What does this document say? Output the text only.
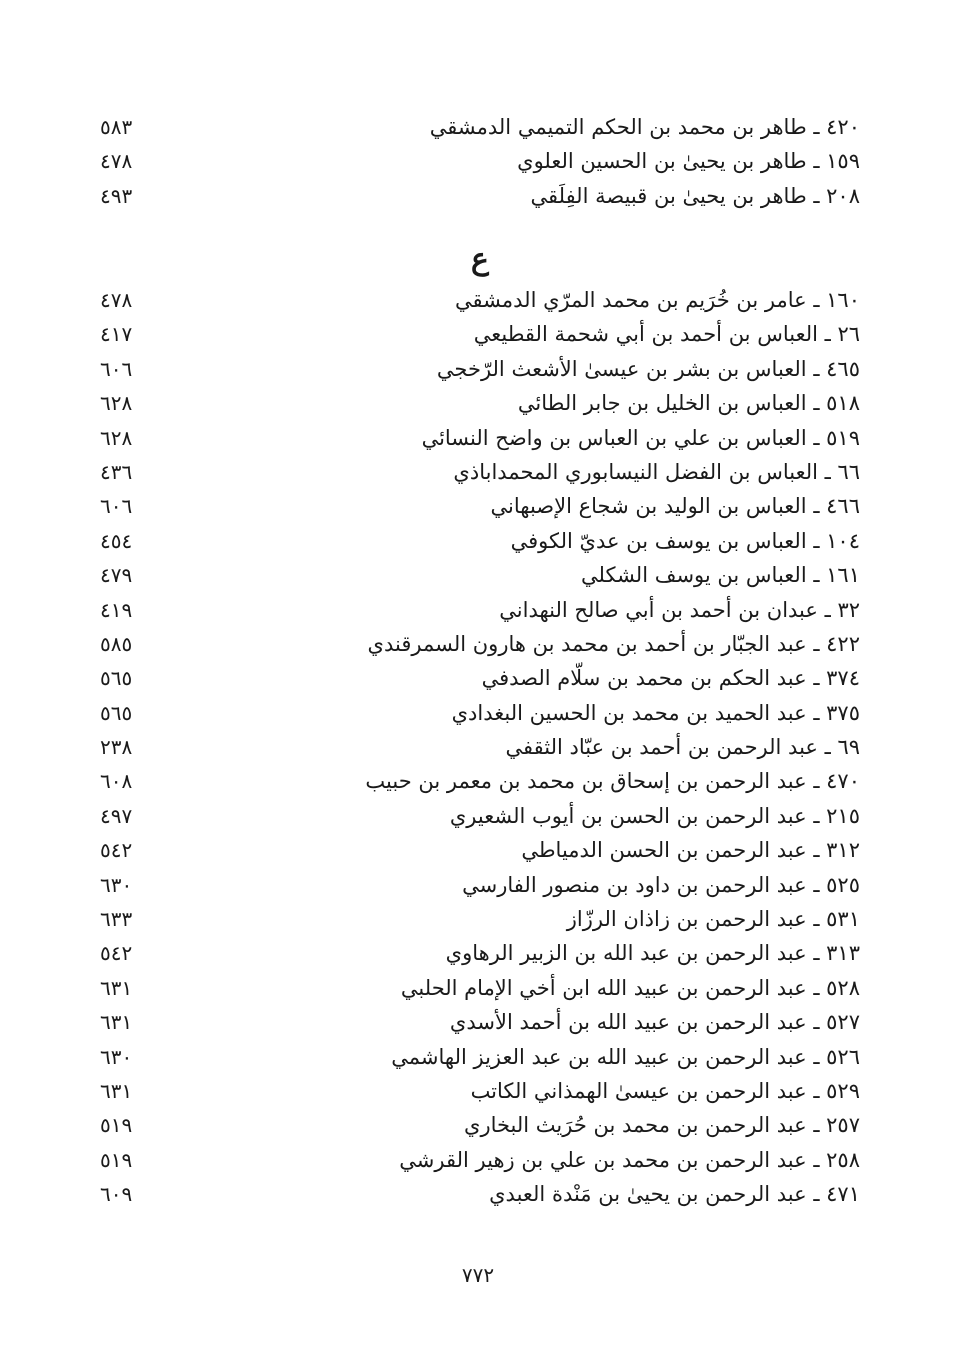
٤٢٠ ـ طاهر بن محمد بن الحكم التميمي الدمشقي
٥٨٣
١٥٩ ـ طاهر بن يحيىٰ بن الحسين العلوي
٤٧٨
٢٠٨ ـ طاهر بن يحيىٰ بن قبيصة الفِلَقي
٤٩٣
ع
١٦٠ ـ عامر بن خُرَيم بن محمد المرّي الدمشقي
٤٧٨
٢٦ ـ العباس بن أحمد بن أبي شحمة القطيعي
٤١٧
٤٦٥ ـ العباس بن بشر بن عيسىٰ الأشعث الرّخجي
٦٠٦
٥١٨ ـ العباس بن الخليل بن جابر الطائي
٦٢٨
٥١٩ ـ العباس بن علي بن العباس بن واضح النسائي
٦٢٨
٦٦ ـ العباس بن الفضل النيسابوري المحمداباذي
٤٣٦
٤٦٦ ـ العباس بن الوليد بن شجاع الإصبهاني
٦٠٦
١٠٤ ـ العباس بن يوسف بن عديّ الكوفي
٤٥٤
١٦١ ـ العباس بن يوسف الشكلي
٤٧٩
٣٢ ـ عبدان بن أحمد بن أبي صالح النهداني
٤١٩
٤٢٢ ـ عبد الجبّار بن أحمد بن محمد بن هارون السمرقندي
٥٨٥
٣٧٤ ـ عبد الحكم بن محمد بن سلّام الصدفي
٥٦٥
٣٧٥ ـ عبد الحميد بن محمد بن الحسين البغدادي
٥٦٥
٦٩ ـ عبد الرحمن بن أحمد بن عبّاد الثقفي
٢٣٨
٤٧٠ ـ عبد الرحمن بن إسحاق بن محمد بن معمر بن حبيب
٦٠٨
٢١٥ ـ عبد الرحمن بن الحسن بن أيوب الشعيري
٤٩٧
٣١٢ ـ عبد الرحمن بن الحسن الدمياطي
٥٤٢
٥٢٥ ـ عبد الرحمن بن داود بن منصور الفارسي
٦٣٠
٥٣١ ـ عبد الرحمن بن زاذان الرزّاز
٦٣٣
٣١٣ ـ عبد الرحمن بن عبد الله بن الزبير الرهاوي
٥٤٢
٥٢٨ ـ عبد الرحمن بن عبيد الله ابن أخي الإمام الحلبي
٦٣١
٥٢٧ ـ عبد الرحمن بن عبيد الله بن أحمد الأسدي
٦٣١
٥٢٦ ـ عبد الرحمن بن عبيد الله بن عبد العزيز الهاشمي
٦٣٠
٥٢٩ ـ عبد الرحمن بن عيسىٰ الهمذاني الكاتب
٦٣١
٢٥٧ ـ عبد الرحمن بن محمد بن حُرَيث البخاري
٥١٩
٢٥٨ ـ عبد الرحمن بن محمد بن علي بن زهير القرشي
٥١٩
٤٧١ ـ عبد الرحمن بن يحيىٰ بن مَنْدة العبدي
٦٠٩
٧٧٢
